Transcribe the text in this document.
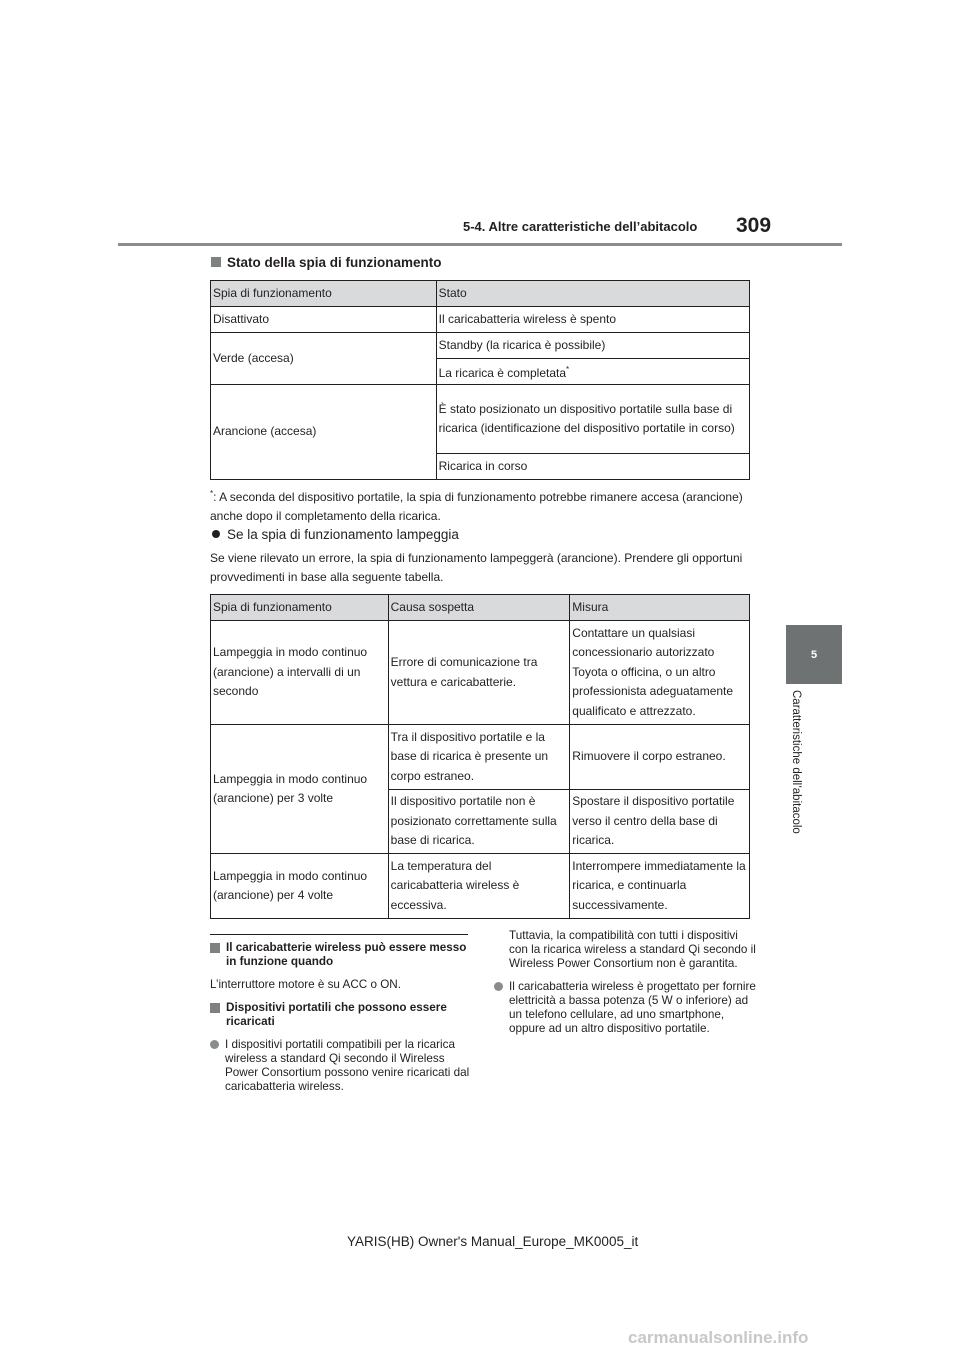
5-4. Altre caratteristiche dell’abitacolo 309
5
Caratteristiche dell’abitacolo
Stato della spia di funzionamento
Spia di funzionamento	Stato
Disattivato	Il caricabatteria wireless è spento
Verde (accesa)	Standby (la ricarica è possibile)
	La ricarica è completata*
Arancione (accesa)	È stato posizionato un dispositivo portatile sulla base di ricarica (identificazione del dispositivo portatile in corso)
	Ricarica in corso
*: A seconda del dispositivo portatile, la spia di funzionamento potrebbe rimanere accesa (arancione) anche dopo il completamento della ricarica.
Se la spia di funzionamento lampeggia
Se viene rilevato un errore, la spia di funzionamento lampeggerà (arancione). Prendere gli opportuni provvedimenti in base alla seguente tabella.
Spia di funzionamento	Causa sospetta	Misura
Lampeggia in modo continuo (arancione) a intervalli di un secondo	Errore di comunicazione tra vettura e caricabatterie.	Contattare un qualsiasi concessionario autorizzato Toyota o officina, o un altro professionista adeguatamente qualificato e attrezzato.
Lampeggia in modo continuo (arancione) per 3 volte	Tra il dispositivo portatile e la base di ricarica è presente un corpo estraneo.	Rimuovere il corpo estraneo.
	Il dispositivo portatile non è posizionato correttamente sulla base di ricarica.	Spostare il dispositivo portatile verso il centro della base di ricarica.
Lampeggia in modo continuo (arancione) per 4 volte	La temperatura del caricabatteria wireless è eccessiva.	Interrompere immediatamente la ricarica, e continuarla successivamente.
Il caricabatterie wireless può essere messo in funzione quando
L’interruttore motore è su ACC o ON.
Dispositivi portatili che possono essere ricaricati
I dispositivi portatili compatibili per la ricarica wireless a standard Qi secondo il Wireless Power Consortium possono venire ricaricati dal caricabatteria wireless.
Tuttavia, la compatibilità con tutti i dispositivi con la ricarica wireless a standard Qi secondo il Wireless Power Consortium non è garantita.
Il caricabatteria wireless è progettato per fornire elettricità a bassa potenza (5 W o inferiore) ad un telefono cellulare, ad uno smartphone, oppure ad un altro dispositivo portatile.
YARIS(HB) Owner's Manual_Europe_MK0005_it
carmanualsonline.info
